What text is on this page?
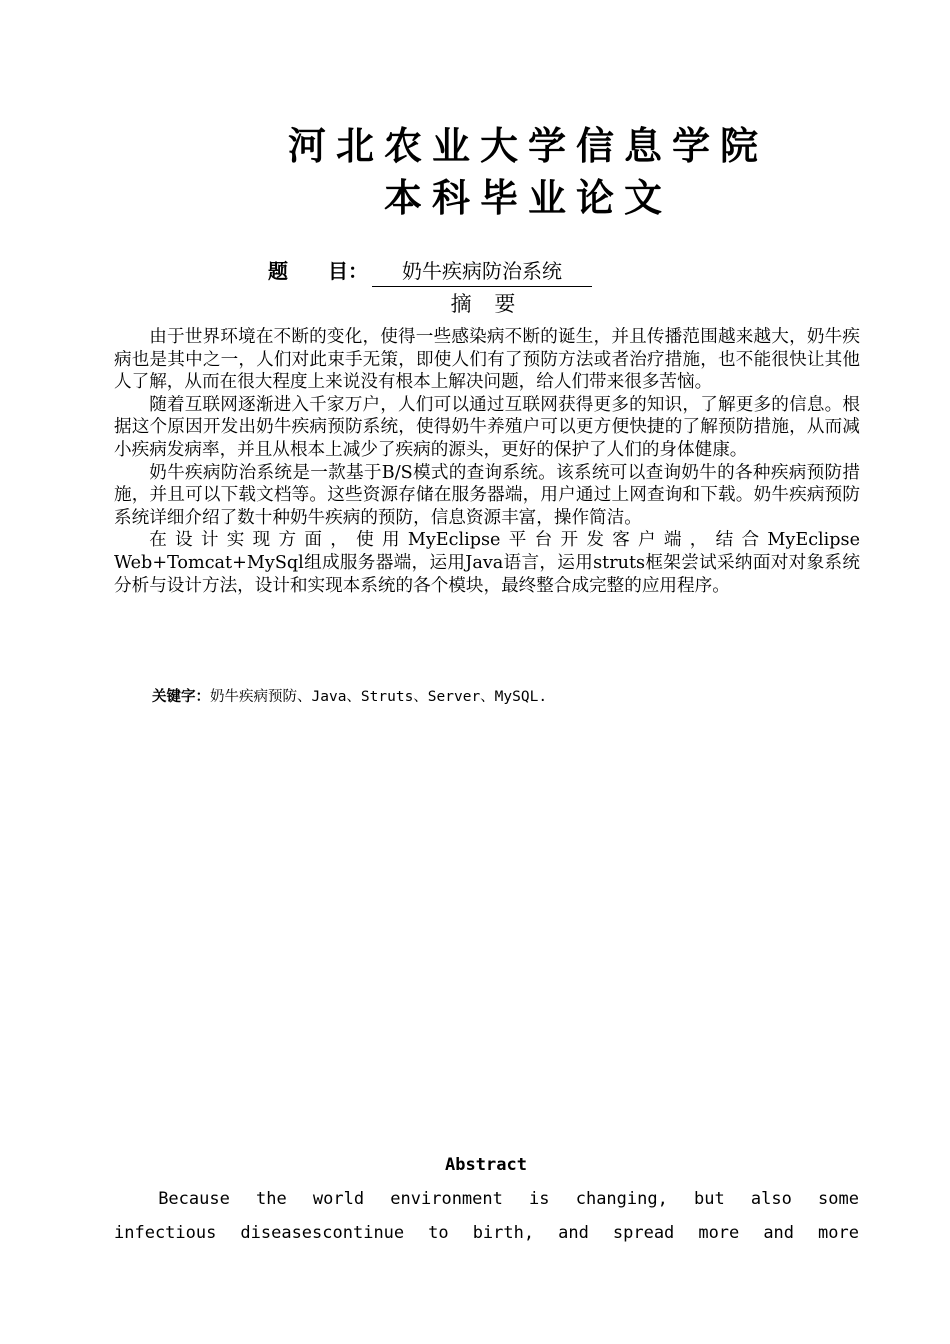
河北农业大学信息学院
本科毕业论文
题　　目： 奶牛疾病防治系统
摘 要

由于世界环境在不断的变化，使得一些感染病不断的诞生，并且传播范围越来越大，奶牛疾病也是其中之一，人们对此束手无策，即使人们有了预防方法或者治疗措施，也不能很快让其他人了解，从而在很大程度上来说没有根本上解决问题，给人们带来很多苦恼。

随着互联网逐渐进入千家万户，人们可以通过互联网获得更多的知识，了解更多的信息。根据这个原因开发出奶牛疾病预防系统，使得奶牛养殖户可以更方便快捷的了解预防措施，从而减小疾病发病率，并且从根本上减少了疾病的源头，更好的保护了人们的身体健康。

奶牛疾病防治系统是一款基于B/S模式的查询系统。该系统可以查询奶牛的各种疾病预防措施，并且可以下载文档等。这些资源存储在服务器端，用户通过上网查询和下载。奶牛疾病预防系统详细介绍了数十种奶牛疾病的预防，信息资源丰富，操作简洁。

在设计实现方面，使用MyEclipse平台开发客户端，结合MyEclipse Web+Tomcat+MySql组成服务器端，运用Java语言，运用struts框架尝试采纳面对对象系统分析与设计方法，设计和实现本系统的各个模块，最终整合成完整的应用程序。

关键字：奶牛疾病预防、Java、Struts、Server、MySQL.
Abstract
Because the world environment is changing, but also some infectious diseasescontinue to birth, and spread more and more
